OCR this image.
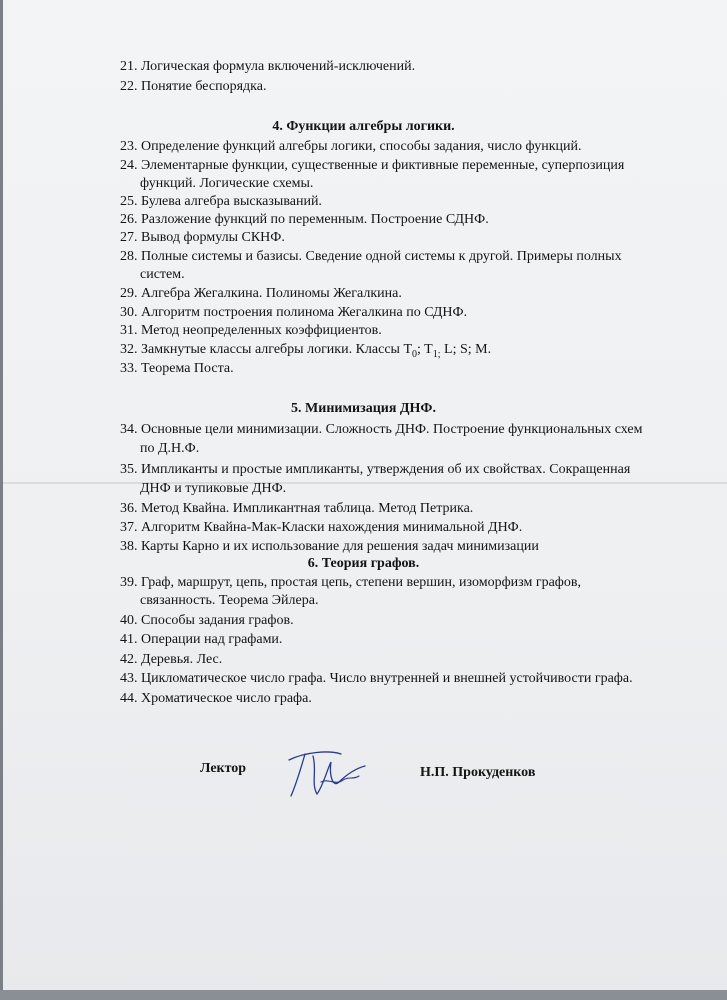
21. Логическая формула включений-исключений.
22. Понятие беспорядка.
4. Функции алгебры логики.
23. Определение функций алгебры логики, способы задания, число функций.
24. Элементарные функции, существенные и фиктивные переменные, суперпозиция
функций. Логические схемы.
25. Булева алгебра высказываний.
26. Разложение функций по переменным. Построение СДНФ.
27. Вывод формулы СКНФ.
28. Полные системы и базисы. Сведение одной системы к другой. Примеры полных
систем.
29. Алгебра Жегалкина. Полиномы Жегалкина.
30. Алгоритм построения полинома Жегалкина по СДНФ.
31. Метод неопределенных коэффициентов.
32. Замкнутые классы алгебры логики. Классы $T_0$; $T_{1;}$ L; S; M.
33. Теорема Поста.
5. Минимизация ДНФ.
34. Основные цели минимизации. Сложность ДНФ. Построение функциональных схем
по Д.Н.Ф.
35. Импликанты и простые импликанты, утверждения об их свойствах. Сокращенная
ДНФ и тупиковые ДНФ.
36. Метод Квайна. Импликантная таблица. Метод Петрика.
37. Алгоритм Квайна-Мак-Класки нахождения минимальной ДНФ.
38. Карты Карно и их использование для решения задач минимизации
6. Теория графов.
39. Граф, маршрут, цепь, простая цепь, степени вершин, изоморфизм графов,
связанность. Теорема Эйлера.
40. Способы задания графов.
41. Операции над графами.
42. Деревья. Лес.
43. Цикломатическое число графа. Число внутренней и внешней устойчивости графа.
44. Хроматическое число графа.
Лектор	Н.П. Прокуденков
